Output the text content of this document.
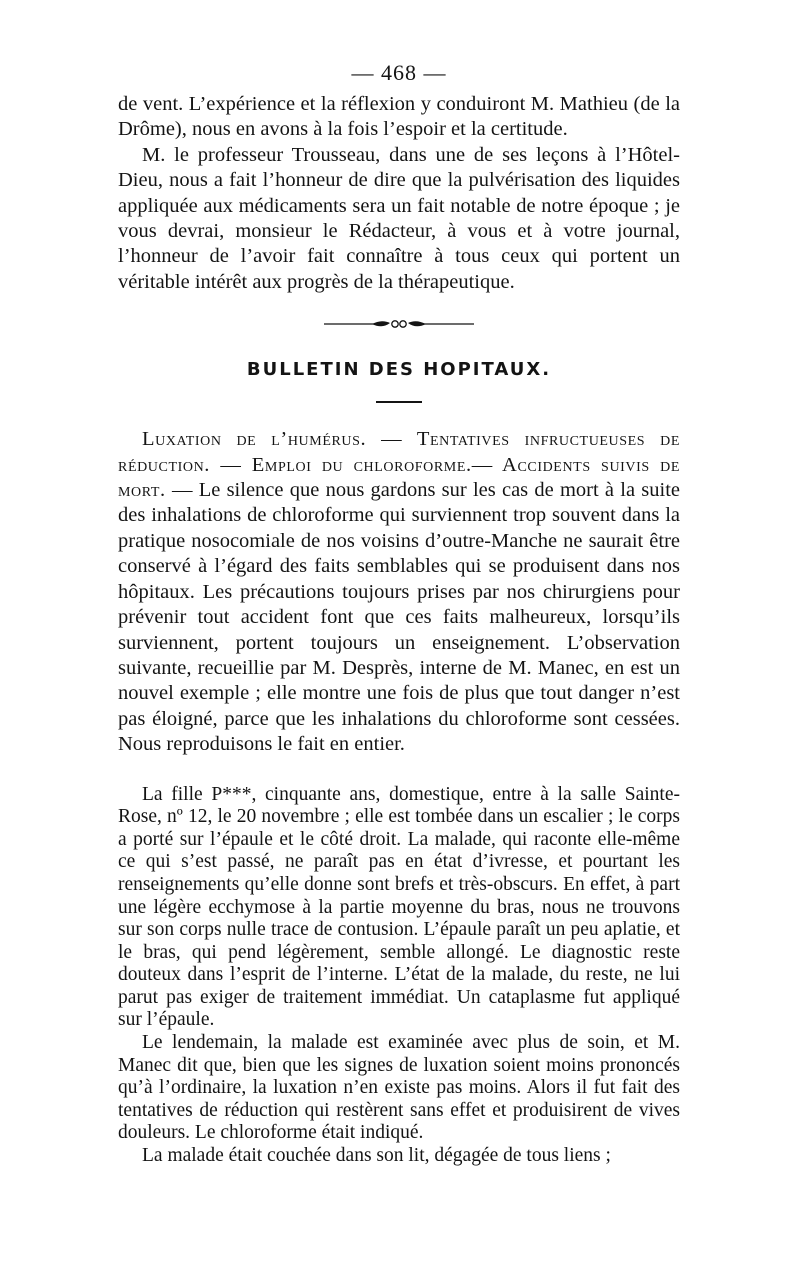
— 468 —

de vent. L’expérience et la réflexion y conduiront M. Mathieu (de la Drôme), nous en avons à la fois l’espoir et la certitude.

M. le professeur Trousseau, dans une de ses leçons à l’Hôtel-Dieu, nous a fait l’honneur de dire que la pulvérisation des liquides appliquée aux médicaments sera un fait notable de notre époque ; je vous devrai, monsieur le Rédacteur, à vous et à votre journal, l’honneur de l’avoir fait connaître à tous ceux qui portent un véritable intérêt aux progrès de la thérapeutique.

BULLETIN DES HOPITAUX.

Luxation de l’humérus. — Tentatives infructueuses de réduction. — Emploi du chloroforme.— Accidents suivis de mort. — Le silence que nous gardons sur les cas de mort à la suite des inhalations de chloroforme qui surviennent trop souvent dans la pratique nosocomiale de nos voisins d’outre-Manche ne saurait être conservé à l’égard des faits semblables qui se produisent dans nos hôpitaux. Les précautions toujours prises par nos chirurgiens pour prévenir tout accident font que ces faits malheureux, lorsqu’ils surviennent, portent toujours un enseignement. L’observation suivante, recueillie par M. Desprès, interne de M. Manec, en est un nouvel exemple ; elle montre une fois de plus que tout danger n’est pas éloigné, parce que les inhalations du chloroforme sont cessées. Nous reproduisons le fait en entier.

La fille P***, cinquante ans, domestique, entre à la salle Sainte-Rose, nº 12, le 20 novembre ; elle est tombée dans un escalier ; le corps a porté sur l’épaule et le côté droit. La malade, qui raconte elle-même ce qui s’est passé, ne paraît pas en état d’ivresse, et pourtant les renseignements qu’elle donne sont brefs et très-obscurs. En effet, à part une légère ecchymose à la partie moyenne du bras, nous ne trouvons sur son corps nulle trace de contusion. L’épaule paraît un peu aplatie, et le bras, qui pend légèrement, semble allongé. Le diagnostic reste douteux dans l’esprit de l’interne. L’état de la malade, du reste, ne lui parut pas exiger de traitement immédiat. Un cataplasme fut appliqué sur l’épaule.

Le lendemain, la malade est examinée avec plus de soin, et M. Manec dit que, bien que les signes de luxation soient moins prononcés qu’à l’ordinaire, la luxation n’en existe pas moins. Alors il fut fait des tentatives de réduction qui restèrent sans effet et produisirent de vives douleurs. Le chloroforme était indiqué.

La malade était couchée dans son lit, dégagée de tous liens ;
